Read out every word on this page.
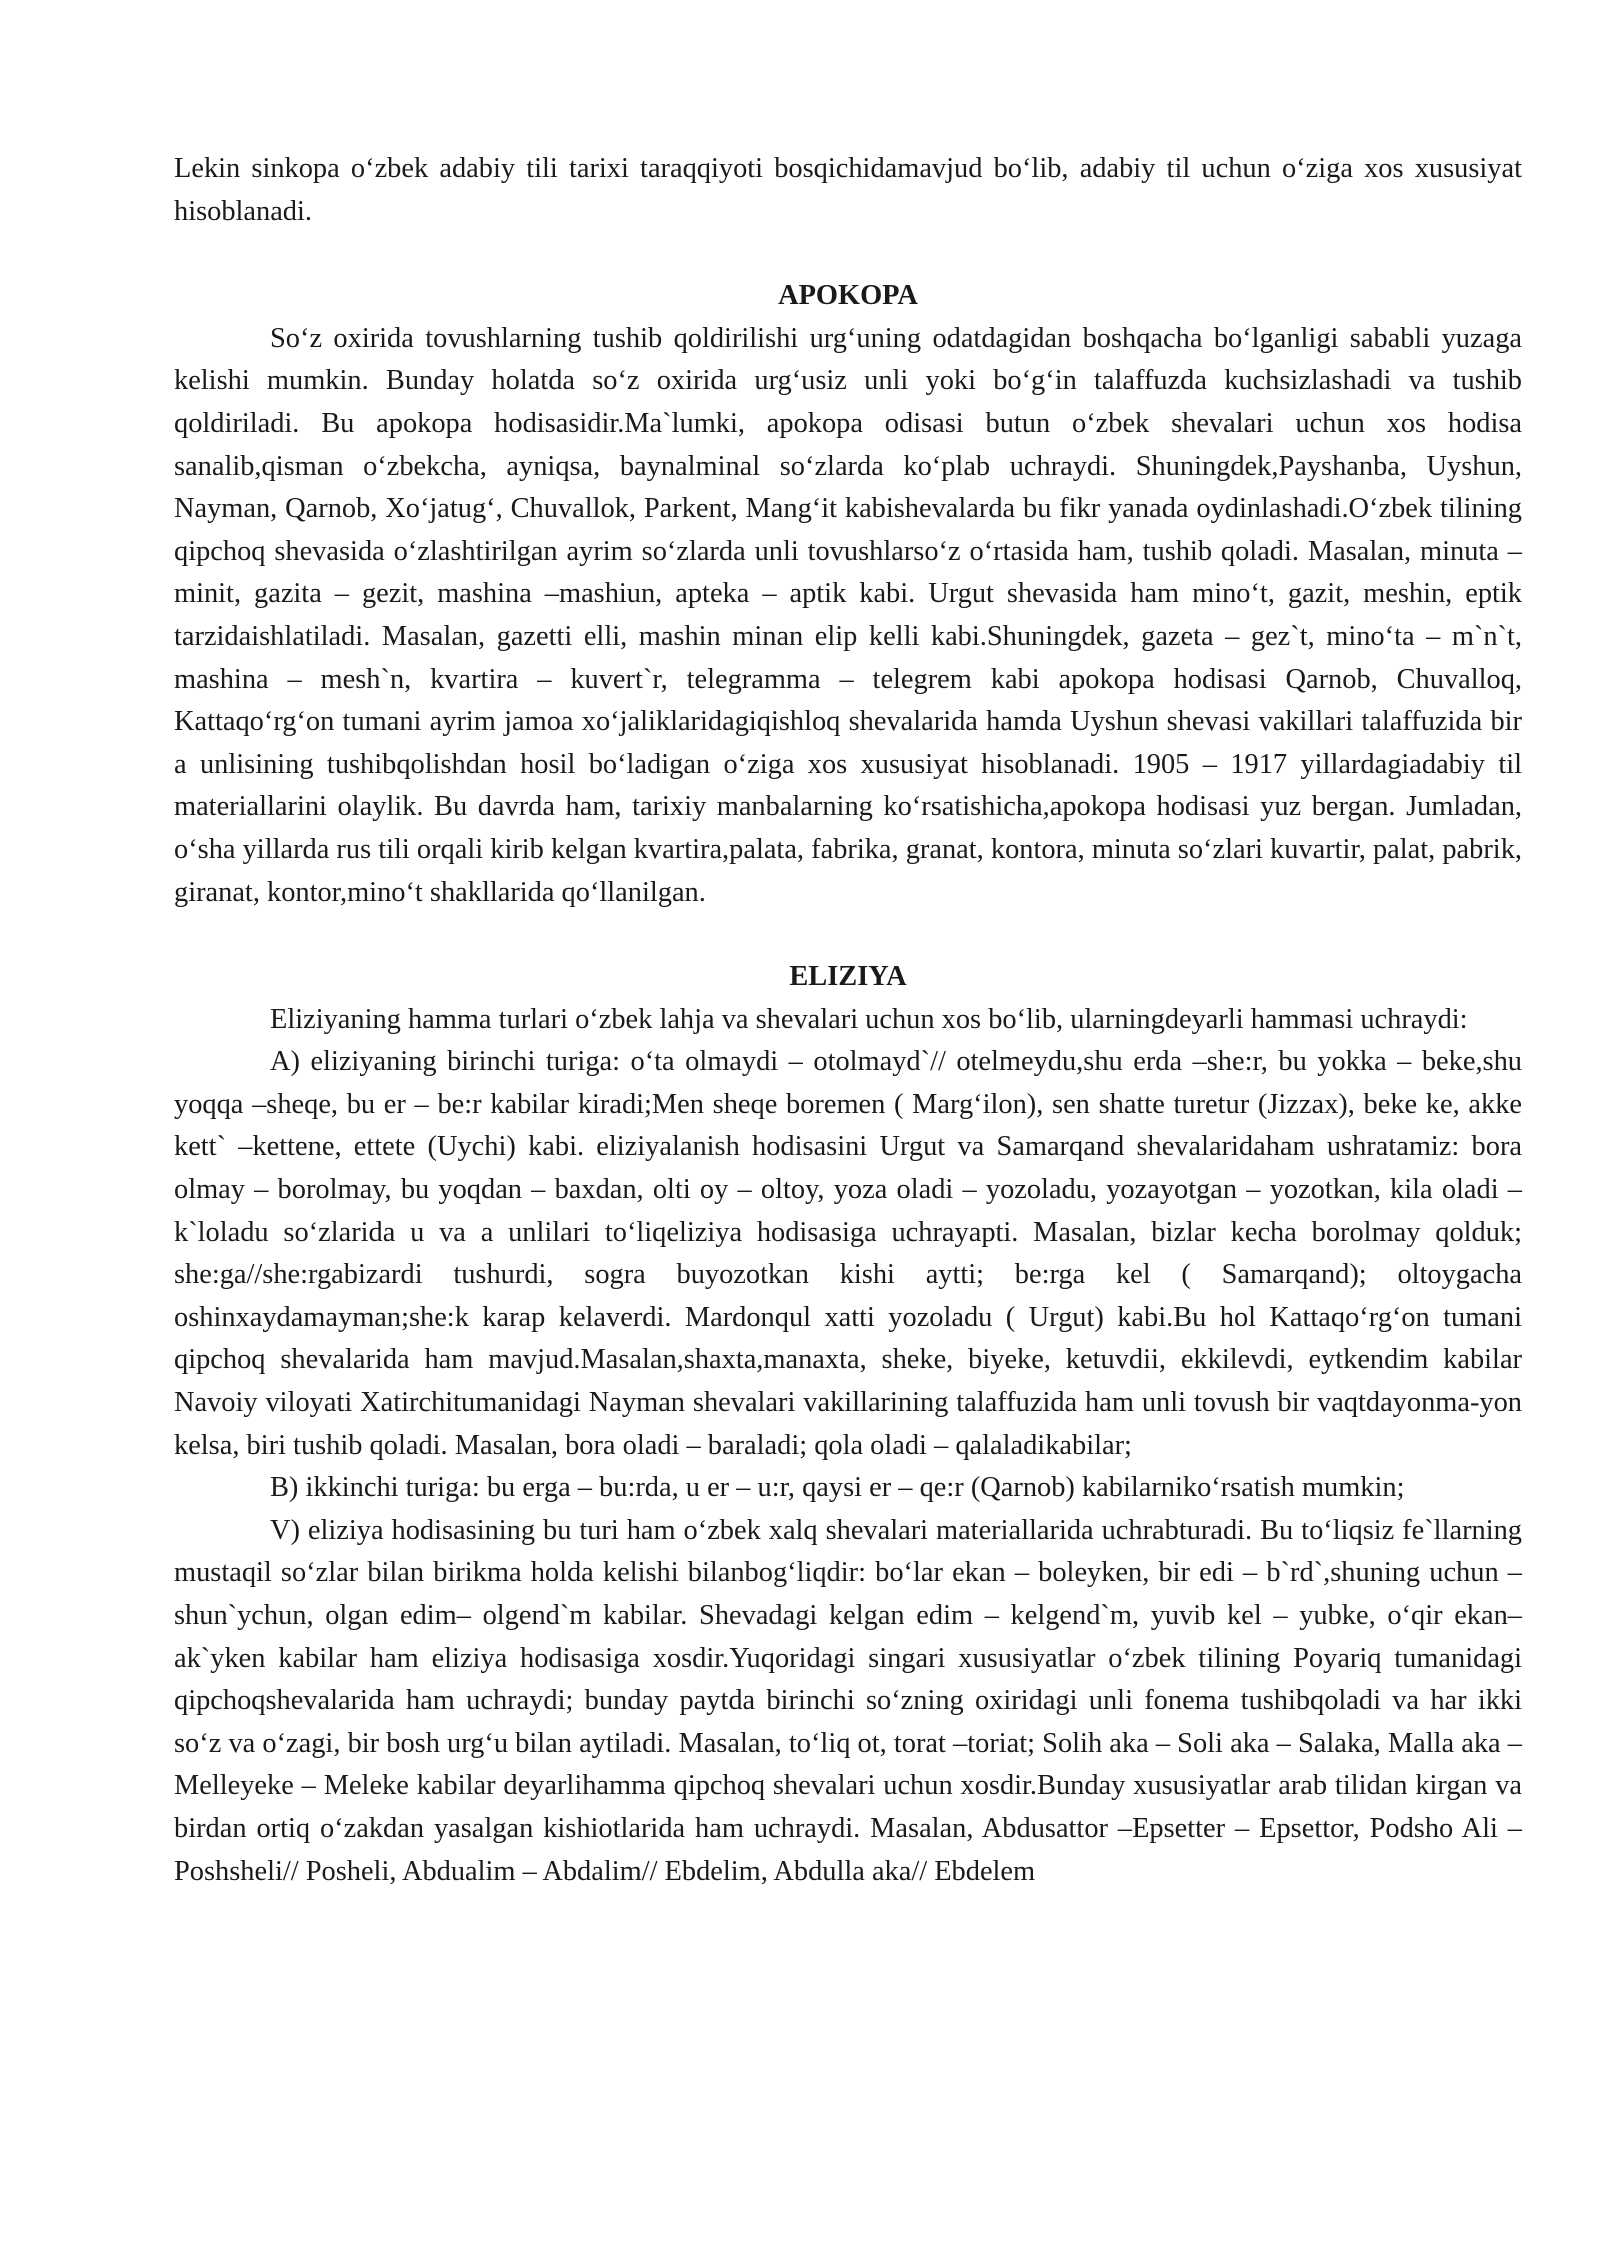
Lekin sinkopa oʻzbek adabiy tili tarixi taraqqiyoti bosqichidamavjud boʻlib, adabiy til uchun oʻziga xos xususiyat hisoblanadi.

APOKOPA

Soʻz oxirida tovushlarning tushib qoldirilishi urgʻuning odatdagidan boshqacha boʻlganligi sababli yuzaga kelishi mumkin. Bunday holatda soʻz oxirida urgʻusiz unli yoki boʻgʻin talaffuzda kuchsizlashadi va tushib qoldiriladi. Bu apokopa hodisasidir.Ma`lumki, apokopa odisasi butun oʻzbek shevalari uchun xos hodisa sanalib,qisman oʻzbekcha, ayniqsa, baynalminal soʻzlarda koʻplab uchraydi. Shuningdek,Payshanba, Uyshun, Nayman, Qarnob, Xoʻjatugʻ, Chuvallok, Parkent, Mangʻit kabishevalarda bu fikr yanada oydinlashadi.Oʻzbek tilining qipchoq shevasida oʻzlashtirilgan ayrim soʻzlarda unli tovushlarsoʻz oʻrtasida ham, tushib qoladi. Masalan, minuta – minit, gazita – gezit, mashina –mashiun, apteka – aptik kabi. Urgut shevasida ham minoʻt, gazit, meshin, eptik tarzidaishlatiladi. Masalan, gazetti elli, mashin minan elip kelli kabi.Shuningdek, gazeta – gez`t, minoʻta – m`n`t, mashina – mesh`n, kvartira – kuvert`r, telegramma – telegrem kabi apokopa hodisasi Qarnob, Chuvalloq, Kattaqoʻrgʻon tumani ayrim jamoa xoʻjaliklaridagiqishloq shevalarida hamda Uyshun shevasi vakillari talaffuzida bir a unlisining tushibqolishdan hosil boʻladigan oʻziga xos xususiyat hisoblanadi. 1905 – 1917 yillardagiadabiy til materiallarini olaylik. Bu davrda ham, tarixiy manbalarning koʻrsatishicha,apokopa hodisasi yuz bergan. Jumladan, oʻsha yillarda rus tili orqali kirib kelgan kvartira,palata, fabrika, granat, kontora, minuta soʻzlari kuvartir, palat, pabrik, giranat, kontor,minoʻt shakllarida qoʻllanilgan.

ELIZIYA

Eliziyaning hamma turlari oʻzbek lahja va shevalari uchun xos boʻlib, ularningdeyarli hammasi uchraydi:

A) eliziyaning birinchi turiga: oʻta olmaydi – otolmayd`// otelmeydu,shu erda –she:r, bu yokka – beke,shu yoqqa –sheqe, bu er – be:r kabilar kiradi;Men sheqe boremen ( Margʻilon), sen shatte turetur (Jizzax), beke ke, akke kett` –kettene, ettete (Uychi) kabi. eliziyalanish hodisasini Urgut va Samarqand shevalaridaham ushratamiz: bora olmay – borolmay, bu yoqdan – baxdan, olti oy – oltoy, yoza oladi – yozoladu, yozayotgan – yozotkan, kila oladi – k`loladu soʻzlarida u va a unlilari toʻliqeliziya hodisasiga uchrayapti. Masalan, bizlar kecha borolmay qolduk; she:ga//she:rgabizardi tushurdi, sogra buyozotkan kishi aytti; be:rga kel ( Samarqand); oltoygacha oshinxaydamayman;she:k karap kelaverdi. Mardonqul xatti yozoladu ( Urgut) kabi.Bu hol Kattaqoʻrgʻon tumani qipchoq shevalarida ham mavjud.Masalan,shaxta,manaxta, sheke, biyeke, ketuvdii, ekkilevdi, eytkendim kabilar Navoiy viloyati Xatirchitumanidagi Nayman shevalari vakillarining talaffuzida ham unli tovush bir vaqtdayonma-yon kelsa, biri tushib qoladi. Masalan, bora oladi – baraladi; qola oladi – qalaladikabilar;

B) ikkinchi turiga: bu erga – bu:rda, u er – u:r, qaysi er – qe:r (Qarnob) kabilarnikoʻrsatish mumkin;

V) eliziya hodisasining bu turi ham oʻzbek xalq shevalari materiallarida uchrabturadi. Bu toʻliqsiz fe`llarning mustaqil soʻzlar bilan birikma holda kelishi bilanbogʻliqdir: boʻlar ekan – boleyken, bir edi – b`rd`,shuning uchun –shun`ychun, olgan edim– olgend`m kabilar. Shevadagi kelgan edim – kelgend`m, yuvib kel – yubke, oʻqir ekan– ak`yken kabilar ham eliziya hodisasiga xosdir.Yuqoridagi singari xususiyatlar oʻzbek tilining Poyariq tumanidagi qipchoqshevalarida ham uchraydi; bunday paytda birinchi soʻzning oxiridagi unli fonema tushibqoladi va har ikki soʻz va oʻzagi, bir bosh urgʻu bilan aytiladi. Masalan, toʻliq ot, torat –toriat; Solih aka – Soli aka – Salaka, Malla aka – Melleyeke – Meleke kabilar deyarlihamma qipchoq shevalari uchun xosdir.Bunday xususiyatlar arab tilidan kirgan va birdan ortiq oʻzakdan yasalgan kishiotlarida ham uchraydi. Masalan, Abdusattor –Epsetter – Epsettor, Podsho Ali –Poshsheli// Posheli, Abdualim – Abdalim// Ebdelim, Abdulla aka// Ebdelem
